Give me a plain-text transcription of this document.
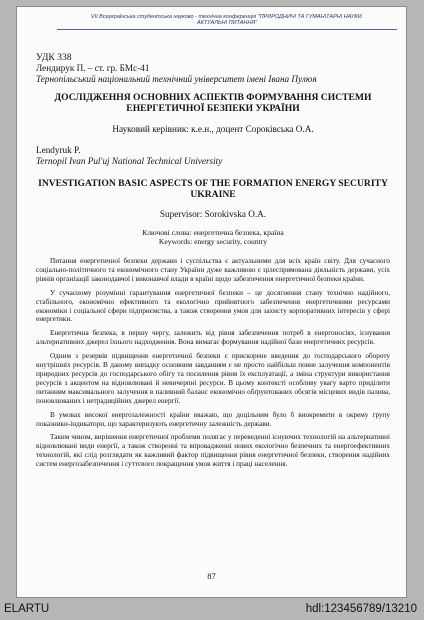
VII Всеукраїнська студентська науково - технічна конференція "ПРИРОДНИЧІ ТА ГУМАНІТАРНІ НАУКИ.
АКТУАЛЬНІ ПИТАННЯ"
УДК 338
Лендирук П. – ст. гр. БМс-41
Тернопільський національний технічний університет імені Івана Пулюя
ДОСЛІДЖЕННЯ ОСНОВНИХ АСПЕКТІВ ФОРМУВАННЯ СИСТЕМИ ЕНЕРГЕТИЧНОЇ БЕЗПЕКИ УКРАЇНИ
Науковий керівник: к.е.н., доцент Сороківська О.А.
Lendyruk P.
Ternopil Ivan Pul'uj National Technical University
INVESTIGATION BASIC ASPECTS OF THE FORMATION ENERGY SECURITY UKRAINE
Supervisor: Sorokivska O.A.
Ключові слова: енергетична безпека, країна
Keywords: energy security, country

Питання енергетичної безпеки держави і суспільства є актуальними для всіх країн світу. Для сучасного соціально-політичного та економічного стану України дуже важливою є цілеспрямована діяльність держави, усіх рівнів організації законодавчої і виконавчої влади в країні щодо забезпечення енергетичної безпеки країни.

У сучасному розумінні гарантування енергетичної безпеки – це досягнення стану технічно надійного, стабільного, економічно ефективного та екологічно прийнятного забезпечення енергетичними ресурсами економіки і соціальної сфери підприємства, а також створення умов для захисту корпоративних інтересів у сфері енергетики.

Енергетична безпека, в першу чергу, залежить від рівня забезпечення потреб в енергоносіях, існування альтернативних джерел їхнього надходження. Вона вимагає формування надійної бази енергетичних ресурсів.

Одним з резервів підвищення енергетичної безпеки є прискорене введення до господарського обороту внутрішніх ресурсів. В даному випадку основним завданням є не просто найбільш повне залучення компонентів природних ресурсів до господарського обігу та посилення рівня їх експлуатації, а зміна структури використання ресурсів з акцентом на відновлювані й невичерпні ресурси. В цьому контексті особливу увагу варто приділити питанням максимального залучення в паливний баланс економічно обґрунтованих обсягів місцевих видів палива, поновлюваних і нетрадиційних джерел енергії.

В умовах високої енергозалежності країни вважаю, що доцільним було б виокремити в окрему групу показники-індикатори, що характеризують енергетичну залежність держави.

Таким чином, вирішення енергетичної проблеми полягає у переведенні існуючих технологій на альтернативні відновлювані види енергії, а також створенні та впровадженні нових екологічно безпечних та енергоефективних технологій, які слід розглядати як важливий фактор підвищення рівня енергетичної безпеки, створення надійних систем енергозабезпечення і суттєвого покращення умов життя і праці населення.

87
ELARTU	hdl:123456789/13210
